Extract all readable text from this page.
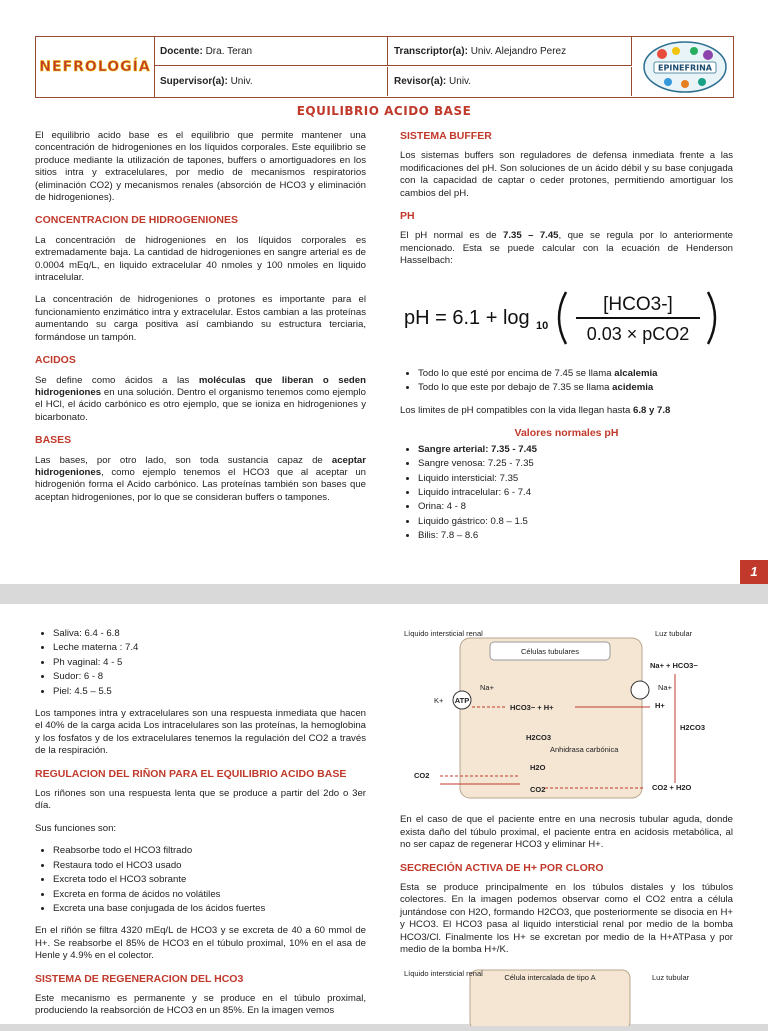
NEFROLOGÍA
Docente: Dra. Teran	Transcriptor(a): Univ. Alejandro Perez
Supervisor(a): Univ.	Revisor(a): Univ.
EPINEFRINA
EQUILIBRIO ACIDO BASE

El equilibrio acido base es el equilibrio que permite mantener una concentración de hidrogeniones en los líquidos corporales. Este equilibrio se produce mediante la utilización de tapones, buffers o amortiguadores en los sitios intra y extracelulares, por medio de mecanismos respiratorios (eliminación CO2) y mecanismos renales (absorción de HCO3 y eliminación de hidrogeniones).

CONCENTRACION DE HIDROGENIONES

La concentración de hidrogeniones en los líquidos corporales es extremadamente baja. La cantidad de hidrogeniones en sangre arterial es de 0.0004 mEq/L, en liquido extracelular 40 nmoles y 100 nmoles en liquido intracelular.

La concentración de hidrogeniones o protones es importante para el funcionamiento enzimático intra y extracelular. Estos cambian a las proteínas aumentando su carga positiva así cambiando su estructura terciaria, formándose un tampón.

ACIDOS

Se define como ácidos a las moléculas que liberan o seden hidrogeniones en una solución. Dentro el organismo tenemos como ejemplo el HCl, el ácido carbónico es otro ejemplo, que se ioniza en hidrogeniones y bicarbonato.

BASES

Las bases, por otro lado, son toda sustancia capaz de aceptar hidrogeniones, como ejemplo tenemos el HCO3 que al aceptar un hidrogenión forma el Acido carbónico. Las proteínas también son bases que aceptan hidrogeniones, por lo que se consideran buffers o tampones.

SISTEMA BUFFER

Los sistemas buffers son reguladores de defensa inmediata frente a las modificaciones del pH. Son soluciones de un ácido débil y su base conjugada con la capacidad de captar o ceder protones, permitiendo amortiguar los cambios del pH.

PH

El pH normal es de 7.35 – 7.45, que se regula por lo anteriormente mencionado. Esta se puede calcular con la ecuación de Henderson Hasselbach:

pH = 6.1 + log 10
[HCO3-]
0.03 × pCO2
• Todo lo que esté por encima de 7.45 se llama alcalemia
• Todo lo que este por debajo de 7.35 se llama acidemia

Los limites de pH compatibles con la vida llegan hasta 6.8 y 7.8

Valores normales pH
• Sangre arterial: 7.35 - 7.45
• Sangre venosa: 7.25 - 7.35
• Liquido intersticial: 7.35
• Liquido intracelular: 6 - 7.4
• Orina: 4 - 8
• Liquido gástrico: 0.8 – 1.5
• Bilis: 7.8 – 8.6
1
• Saliva: 6.4 - 6.8
• Leche materna : 7.4
• Ph vaginal: 4 - 5
• Sudor: 6 - 8
• Piel: 4.5 – 5.5

Los tampones intra y extracelulares son una respuesta inmediata que hacen el 40% de la carga acida Los intracelulares son las proteínas, la hemoglobina y los fosfatos y de los extracelulares tenemos la regulación del CO2 a través de la respiración.

REGULACION DEL RIÑON PARA EL EQUILIBRIO ACIDO BASE

Los riñones son una respuesta lenta que se produce a partir del 2do o 3er día.

Sus funciones son:

• Reabsorbe todo el HCO3 filtrado
• Restaura todo el HCO3 usado
• Excreta todo el HCO3 sobrante
• Excreta en forma de ácidos no volátiles
• Excreta una base conjugada de los ácidos fuertes

En el riñón se filtra 4320 mEq/L de HCO3 y se excreta de 40 a 60 mmol de H+. Se reabsorbe el 85% de HCO3 en el túbulo proximal, 10% en el asa de Henle y 4.9% en el colector.

SISTEMA DE REGENERACION DEL HCO3

Este mecanismo es permanente y se produce en el túbulo proximal, produciendo la reabsorción de HCO3 en un 85%. En la imagen vemos

Células tubulares
Líquido intersticial renal	Luz tubular
Na+ + HCO3−
ATP
K+
Na+	Na+
H+
HCO3− + H+
H2CO3
H2CO3
Anhidrasa carbónica
H2O
CO2
CO2
CO2 + H2O

En el caso de que el paciente entre en una necrosis tubular aguda, donde exista daño del túbulo proximal, el paciente entra en acidosis metabólica, al no ser capaz de regenerar HCO3 y eliminar H+.

SECRECIÓN ACTIVA DE H+ POR CLORO

Esta se produce principalmente en los túbulos distales y los túbulos colectores. En la imagen podemos observar como el CO2 entra a célula juntándose con H2O, formando H2CO3, que posteriormente se disocia en H+ y HCO3. El HCO3 pasa al liquido intersticial renal por medio de la bomba HCO3/Cl. Finalmente los H+ se excretan por medio de la H+ATPasa y por medio de la bomba H+/K.

Líquido intersticial renal	Célula intercalada de tipo A	Luz tubular
